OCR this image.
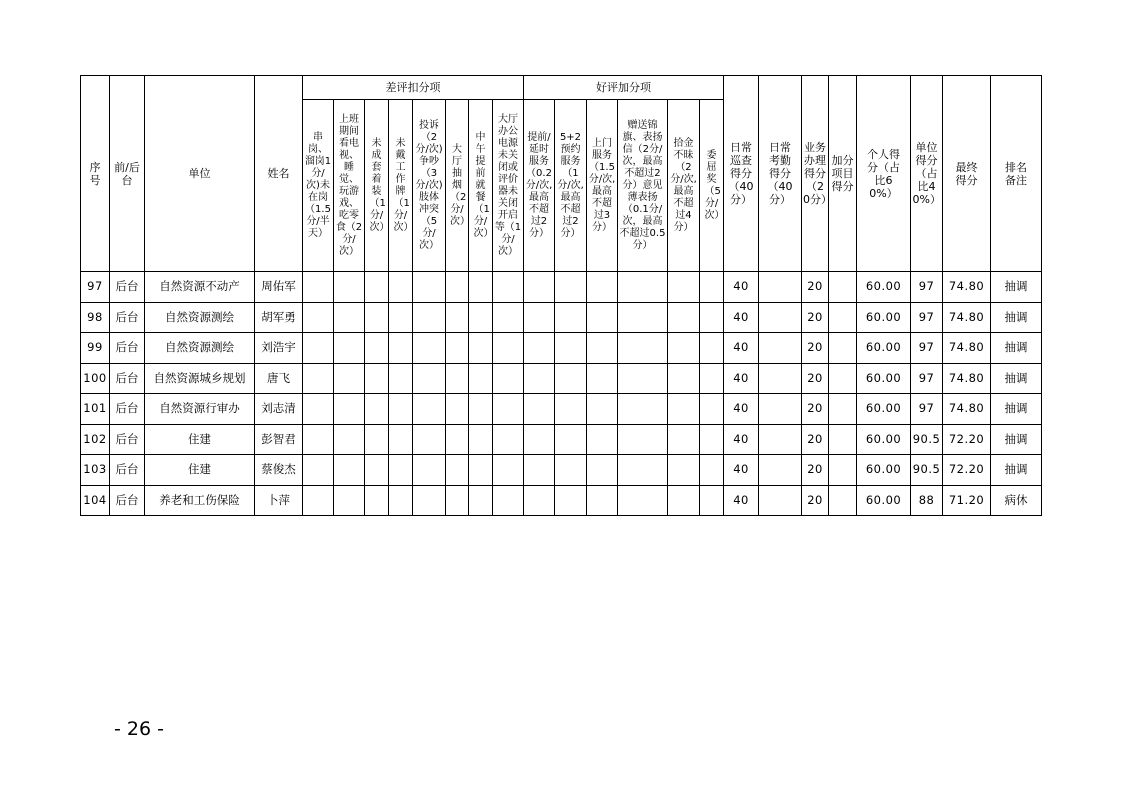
序号	前/后台	单位	姓名	差评扣分项								好评加分项						日常巡查得分（40分）	日常考勤得分（40分）	业务办理得分（20分）	加分项目得分	个人得分（占比60%）	单位得分（占比40%）	最终得分	排名备注
				串岗、溜岗1分/次)未在岗（1.5分/半天）	上班期间看电视、睡觉、玩游戏、吃零食（2分/次）	未成套着装（1分/次）	未戴工作牌（1分/次）	投诉（2分/次)争吵（3分/次)肢体冲突（5分/次）	大厅抽烟（2分/次）	中午提前就餐（1分/次）	大厅办公电源未关闭或评价器未关闭开启等（1分/次）	提前/延时服务（0.2分/次,最高不超过2分）	5+2预约服务（1分/次,最高不超过2分）	上门服务（1.5分/次,最高不超过3分）	赠送锦旗、表扬信（2分/次，最高不超过2分）意见薄表扬（0.1分/次，最高不超过0.5分）	拾金不昧（2分/次,最高不超过4分）	委屈奖（5分/次）								
97	后台	自然资源不动产	周佑军															40		20		60.00	97	74.80	抽调
98	后台	自然资源测绘	胡军勇															40		20		60.00	97	74.80	抽调
99	后台	自然资源测绘	刘浩宇															40		20		60.00	97	74.80	抽调
100	后台	自然资源城乡规划	唐飞															40		20		60.00	97	74.80	抽调
101	后台	自然资源行审办	刘志清															40		20		60.00	97	74.80	抽调
102	后台	住建	彭智君															40		20		60.00	90.5	72.20	抽调
103	后台	住建	蔡俊杰															40		20		60.00	90.5	72.20	抽调
104	后台	养老和工伤保险	卜萍															40		20		60.00	88	71.20	病休
- 26 -
